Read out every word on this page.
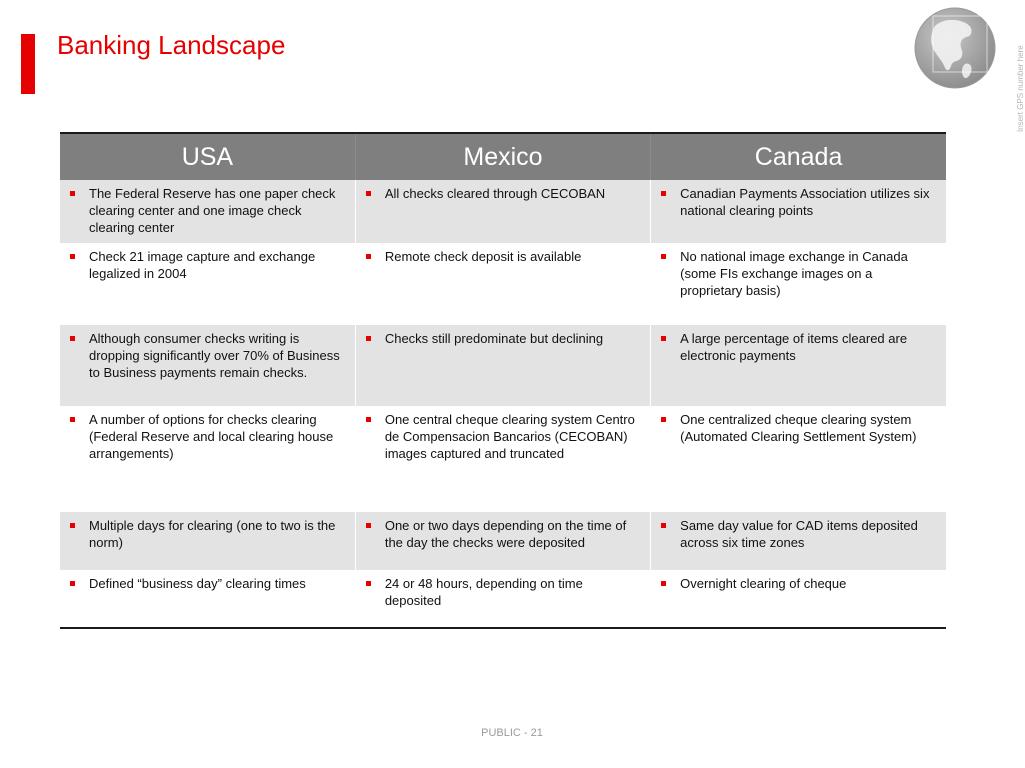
Banking Landscape
Insert GPS number here
USA	Mexico	Canada

The Federal Reserve has one paper check clearing center and one image check clearing center	All checks cleared through CECOBAN	Canadian Payments Association utilizes six national clearing points

Check 21 image capture and exchange legalized in 2004	Remote check deposit is available	No national image exchange in Canada (some FIs exchange images on a proprietary basis)

Although consumer checks writing is dropping significantly over 70% of Business to Business payments remain checks.	Checks still predominate but declining	A large percentage of items cleared are electronic payments

A number of options for checks clearing (Federal Reserve and local clearing house arrangements)	One central cheque clearing system Centro de Compensacion Bancarios (CECOBAN) images captured and truncated	One centralized cheque clearing system (Automated Clearing Settlement System)

Multiple days for clearing (one to two is the norm)	One or two days depending on the time of the day the checks were deposited	Same day value for CAD items deposited across six time zones

Defined “business day” clearing times	24 or 48 hours, depending on time deposited	Overnight clearing of cheque
PUBLIC - 21
